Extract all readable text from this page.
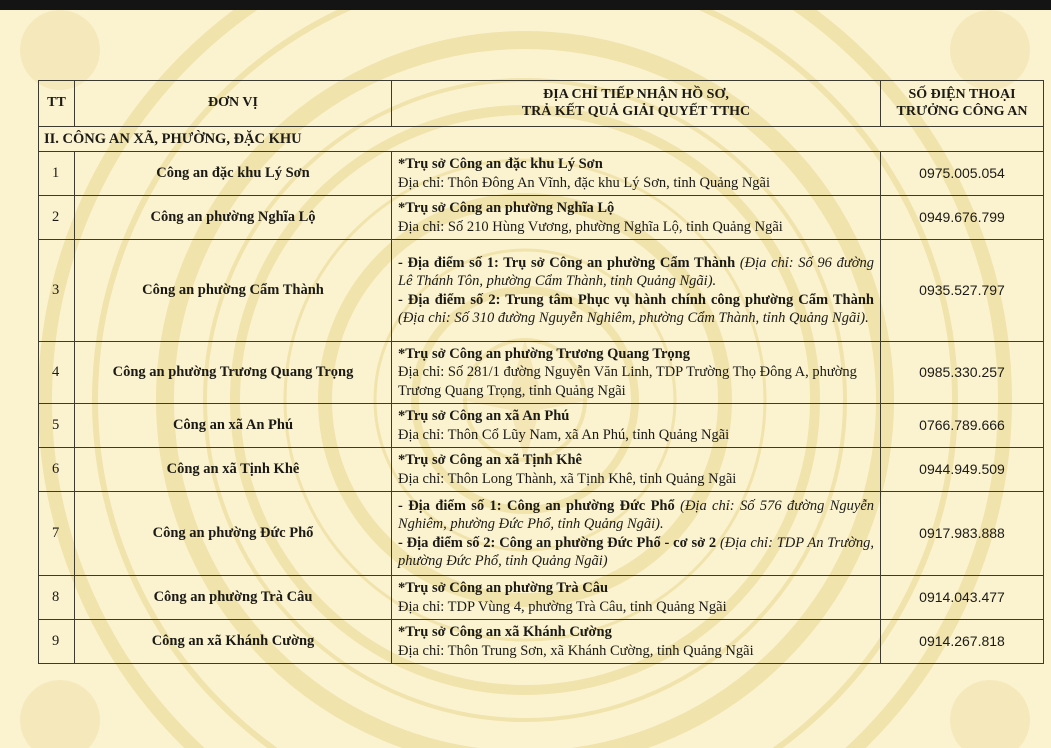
TT	ĐƠN VỊ	ĐỊA CHỈ TIẾP NHẬN HỒ SƠ,
TRẢ KẾT QUẢ GIẢI QUYẾT TTHC	SỐ ĐIỆN THOẠI
TRƯỞNG CÔNG AN
II. CÔNG AN XÃ, PHƯỜNG, ĐẶC KHU			
1	Công an đặc khu Lý Sơn	*Trụ sở Công an đặc khu Lý Sơn
Địa chỉ: Thôn Đông An Vĩnh, đặc khu Lý Sơn, tỉnh Quảng Ngãi	0975.005.054
2	Công an phường Nghĩa Lộ	*Trụ sở Công an phường Nghĩa Lộ
Địa chỉ: Số 210 Hùng Vương, phường Nghĩa Lộ, tỉnh Quảng Ngãi	0949.676.799
3	Công an phường Cẩm Thành	- Địa điểm số 1: Trụ sở Công an phường Cẩm Thành (Địa chỉ: Số 96 đường Lê Thánh Tôn, phường Cẩm Thành, tỉnh Quảng Ngãi).
- Địa điểm số 2: Trung tâm Phục vụ hành chính công phường Cẩm Thành (Địa chỉ: Số 310 đường Nguyễn Nghiêm, phường Cẩm Thành, tỉnh Quảng Ngãi).	0935.527.797
4	Công an phường Trương Quang Trọng	*Trụ sở Công an phường Trương Quang Trọng
Địa chỉ: Số 281/1 đường Nguyễn Văn Linh, TDP Trường Thọ Đông A, phường Trương Quang Trọng, tỉnh Quảng Ngãi	0985.330.257
5	Công an xã An Phú	*Trụ sở Công an xã An Phú
Địa chỉ: Thôn Cổ Lũy Nam, xã An Phú, tỉnh Quảng Ngãi	0766.789.666
6	Công an xã Tịnh Khê	*Trụ sở Công an xã Tịnh Khê
Địa chỉ: Thôn Long Thành, xã Tịnh Khê, tỉnh Quảng Ngãi	0944.949.509
7	Công an phường Đức Phổ	- Địa điểm số 1: Công an phường Đức Phổ (Địa chỉ: Số 576 đường Nguyễn Nghiêm, phường Đức Phổ, tỉnh Quảng Ngãi).
- Địa điểm số 2: Công an phường Đức Phổ - cơ sở 2 (Địa chỉ: TDP An Trường, phường Đức Phổ, tỉnh Quảng Ngãi)	0917.983.888
8	Công an phường Trà Câu	*Trụ sở Công an phường Trà Câu
Địa chỉ: TDP Vùng 4, phường Trà Câu, tỉnh Quảng Ngãi	0914.043.477
9	Công an xã Khánh Cường	*Trụ sở Công an xã Khánh Cường
Địa chỉ: Thôn Trung Sơn, xã Khánh Cường, tỉnh Quảng Ngãi	0914.267.818
